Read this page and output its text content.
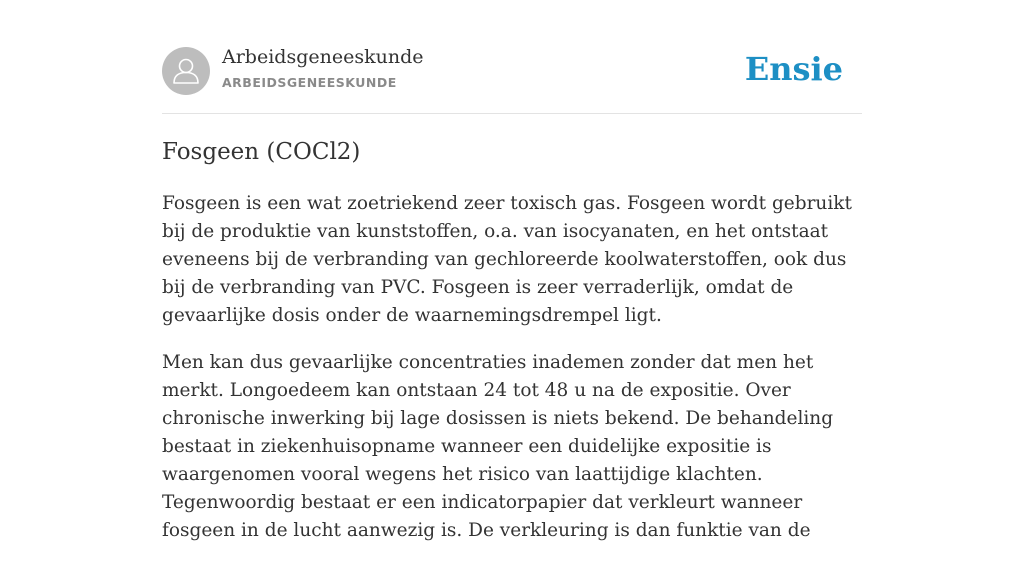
Arbeidsgeneeskunde
ARBEIDSGENEESKUNDE	Ensie
Fosgeen (COCl2)

Fosgeen is een wat zoetriekend zeer toxisch gas. Fosgeen wordt gebruikt bij de produktie van kunststoffen, o.a. van isocyanaten, en het ontstaat eveneens bij de verbranding van gechloreerde koolwaterstoffen, ook dus bij de verbranding van PVC. Fosgeen is zeer verraderlijk, omdat de gevaarlijke dosis onder de waarnemingsdrempel ligt.

Men kan dus gevaarlijke concentraties inademen zonder dat men het merkt. Longoedeem kan ontstaan 24 tot 48 u na de expositie. Over chronische inwerking bij lage dosissen is niets bekend. De behandeling bestaat in ziekenhuisopname wanneer een duidelijke expositie is waargenomen vooral wegens het risico van laattijdige klachten. Tegenwoordig bestaat er een indicatorpapier dat verkleurt wanneer fosgeen in de lucht aanwezig is. De verkleuring is dan funktie van de
